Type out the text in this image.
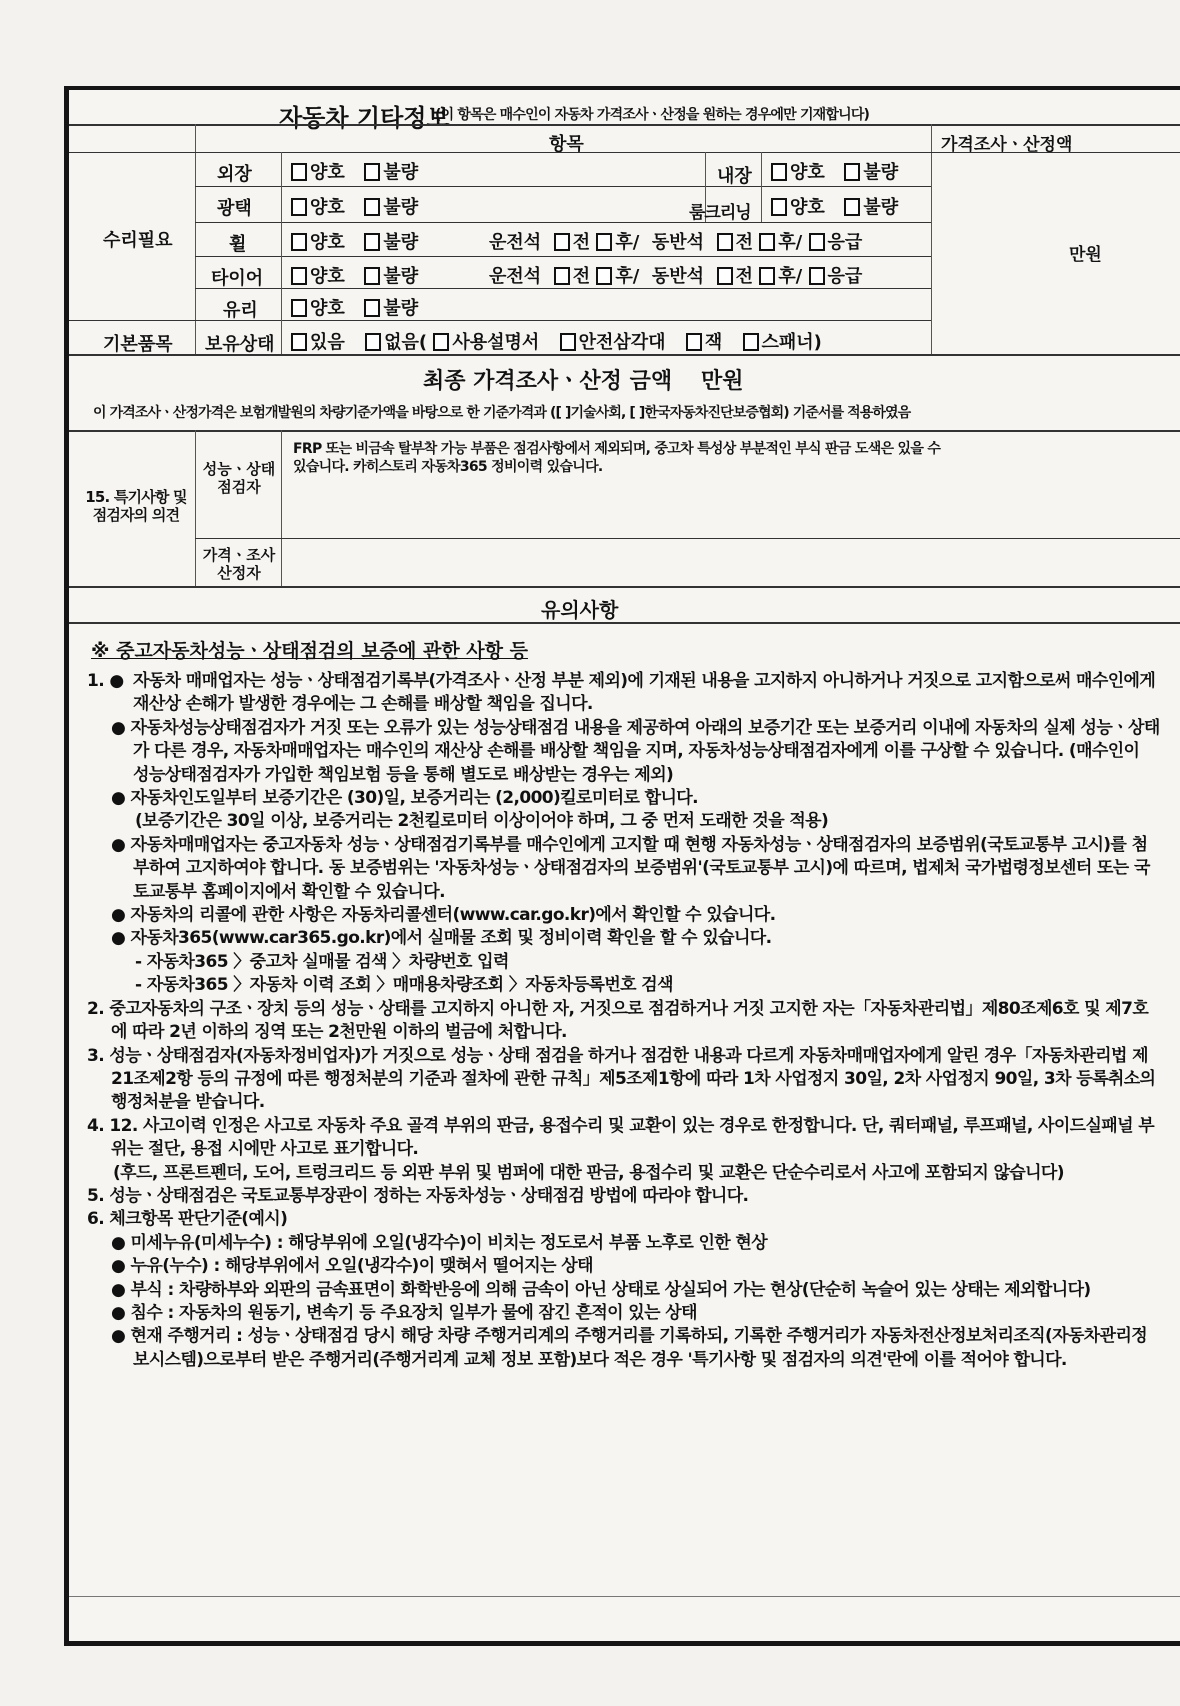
자동차 기타정보
(이 항목은 매수인이 자동차 가격조사ㆍ산정을 원하는 경우에만 기재합니다)
항목	가격조사ㆍ산정액
수리필요
만원
외장	양호 불량	내장	양호 불량
광택	양호 불량	룸크리닝	양호 불량
휠	양호 불량	운전석 전 후/ 동반석 전 후/ 응급
타이어	양호 불량	운전석 전 후/ 동반석 전 후/ 응급
유리	양호 불량
기본품목 보유상태	있음 없음( 사용설명서 안전삼각대 잭 스패너)
최종 가격조사ㆍ산정 금액 만원
이 가격조사ㆍ산정가격은 보험개발원의 차량기준가액을 바탕으로 한 기준가격과 ([ ]기술사회, [ ]한국자동차진단보증협회) 기준서를 적용하였음
15. 특기사항 및 점검자의 의견
성능ㆍ상태 점검자
FRP 또는 비금속 탈부착 가능 부품은 점검사항에서 제외되며, 중고차 특성상 부분적인 부식 판금 도색은 있을 수
있습니다. 카히스토리 자동차365 정비이력 있습니다.
가격ㆍ조사 산정자
유의사항
※ 중고자동차성능ㆍ상태점검의 보증에 관한 사항 등
1. ● 자동차 매매업자는 성능ㆍ상태점검기록부(가격조사ㆍ산정 부분 제외)에 기재된 내용을 고지하지 아니하거나 거짓으로 고지함으로써 매수인에게 재산상 손해가 발생한 경우에는 그 손해를 배상할 책임을 집니다.
● 자동차성능상태점검자가 거짓 또는 오류가 있는 성능상태점검 내용을 제공하여 아래의 보증기간 또는 보증거리 이내에 자동차의 실제 성능ㆍ상태가 다른 경우, 자동차매매업자는 매수인의 재산상 손해를 배상할 책임을 지며, 자동차성능상태점검자에게 이를 구상할 수 있습니다. (매수인이 성능상태점검자가 가입한 책임보험 등을 통해 별도로 배상받는 경우는 제외)
● 자동차인도일부터 보증기간은 (30)일, 보증거리는 (2,000)킬로미터로 합니다.
(보증기간은 30일 이상, 보증거리는 2천킬로미터 이상이어야 하며, 그 중 먼저 도래한 것을 적용)
● 자동차매매업자는 중고자동차 성능ㆍ상태점검기록부를 매수인에게 고지할 때 현행 자동차성능ㆍ상태점검자의 보증범위(국토교통부 고시)를 첨부하여 고지하여야 합니다. 동 보증범위는 '자동차성능ㆍ상태점검자의 보증범위'(국토교통부 고시)에 따르며, 법제처 국가법령정보센터 또는 국토교통부 홈페이지에서 확인할 수 있습니다.
● 자동차의 리콜에 관한 사항은 자동차리콜센터(www.car.go.kr)에서 확인할 수 있습니다.
● 자동차365(www.car365.go.kr)에서 실매물 조회 및 정비이력 확인을 할 수 있습니다.
- 자동차365 〉중고차 실매물 검색 〉차량번호 입력
- 자동차365 〉자동차 이력 조회 〉매매용차량조회 〉자동차등록번호 검색
2. 중고자동차의 구조ㆍ장치 등의 성능ㆍ상태를 고지하지 아니한 자, 거짓으로 점검하거나 거짓 고지한 자는「자동차관리법」제80조제6호 및 제7호에 따라 2년 이하의 징역 또는 2천만원 이하의 벌금에 처합니다.
3. 성능ㆍ상태점검자(자동차정비업자)가 거짓으로 성능ㆍ상태 점검을 하거나 점검한 내용과 다르게 자동차매매업자에게 알린 경우「자동차관리법 제21조제2항 등의 규정에 따른 행정처분의 기준과 절차에 관한 규칙」제5조제1항에 따라 1차 사업정지 30일, 2차 사업정지 90일, 3차 등록취소의 행정처분을 받습니다.
4. 12. 사고이력 인정은 사고로 자동차 주요 골격 부위의 판금, 용접수리 및 교환이 있는 경우로 한정합니다. 단, 쿼터패널, 루프패널, 사이드실패널 부위는 절단, 용접 시에만 사고로 표기합니다.
(후드, 프론트펜더, 도어, 트렁크리드 등 외판 부위 및 범퍼에 대한 판금, 용접수리 및 교환은 단순수리로서 사고에 포함되지 않습니다)
5. 성능ㆍ상태점검은 국토교통부장관이 정하는 자동차성능ㆍ상태점검 방법에 따라야 합니다.
6. 체크항목 판단기준(예시)
● 미세누유(미세누수) : 해당부위에 오일(냉각수)이 비치는 정도로서 부품 노후로 인한 현상
● 누유(누수) : 해당부위에서 오일(냉각수)이 맺혀서 떨어지는 상태
● 부식 : 차량하부와 외판의 금속표면이 화학반응에 의해 금속이 아닌 상태로 상실되어 가는 현상(단순히 녹슬어 있는 상태는 제외합니다)
● 침수 : 자동차의 원동기, 변속기 등 주요장치 일부가 물에 잠긴 흔적이 있는 상태
● 현재 주행거리 : 성능ㆍ상태점검 당시 해당 차량 주행거리계의 주행거리를 기록하되, 기록한 주행거리가 자동차전산정보처리조직(자동차관리정보시스템)으로부터 받은 주행거리(주행거리계 교체 정보 포함)보다 적은 경우 '특기사항 및 점검자의 의견'란에 이를 적어야 합니다.
